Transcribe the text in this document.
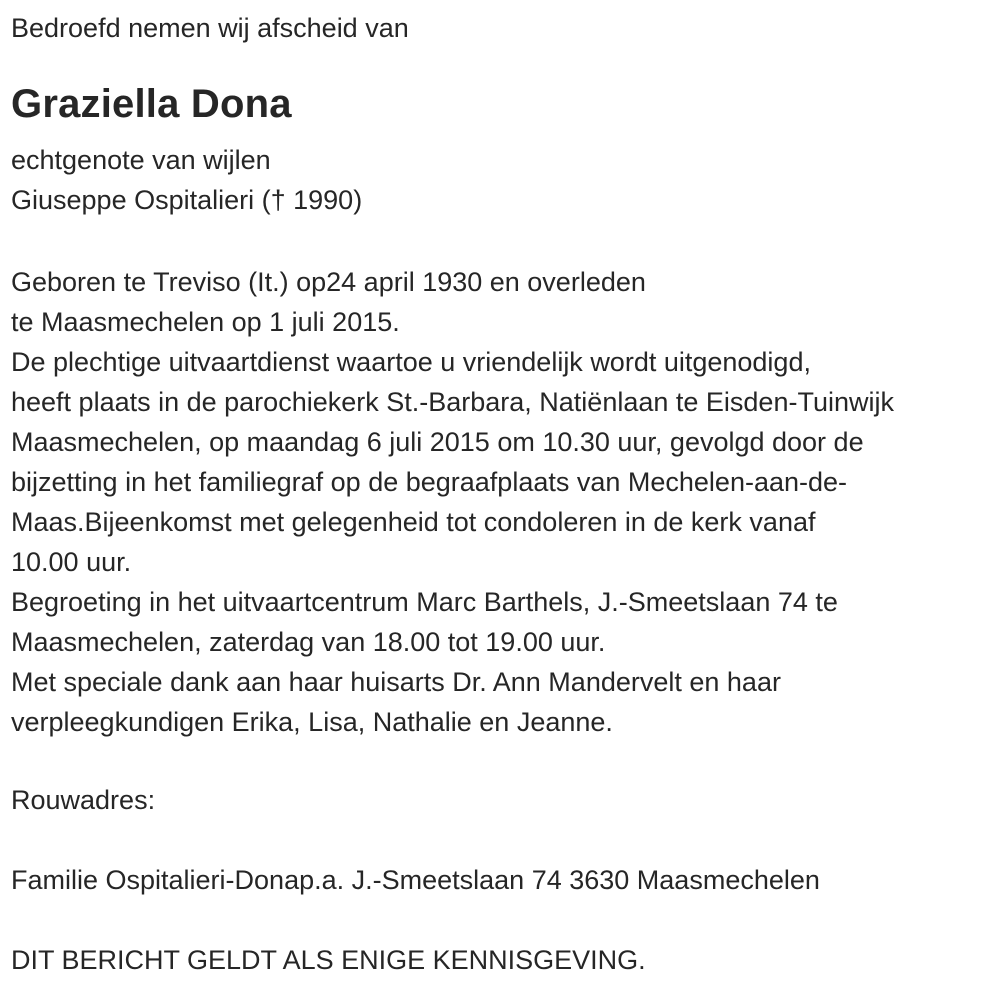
Bedroefd nemen wij afscheid van
Graziella Dona
echtgenote van wijlen
Giuseppe Ospitalieri († 1990)
Geboren te Treviso (It.) op24 april 1930 en overleden
te Maasmechelen op 1 juli 2015.
De plechtige uitvaartdienst waartoe u vriendelijk wordt uitgenodigd,
heeft plaats in de parochiekerk St.-Barbara, Natiënlaan te Eisden-Tuinwijk
Maasmechelen, op maandag 6 juli 2015 om 10.30 uur, gevolgd door de
bijzetting in het familiegraf op de begraafplaats van Mechelen-aan-de-
Maas.Bijeenkomst met gelegenheid tot condoleren in de kerk vanaf
10.00 uur.
Begroeting in het uitvaartcentrum Marc Barthels, J.-Smeetslaan 74 te
Maasmechelen, zaterdag van 18.00 tot 19.00 uur.
Met speciale dank aan haar huisarts Dr. Ann Mandervelt en haar
verpleegkundigen Erika, Lisa, Nathalie en Jeanne.
Rouwadres:
Familie Ospitalieri-Donap.a. J.-Smeetslaan 74 3630 Maasmechelen
DIT BERICHT GELDT ALS ENIGE KENNISGEVING.
